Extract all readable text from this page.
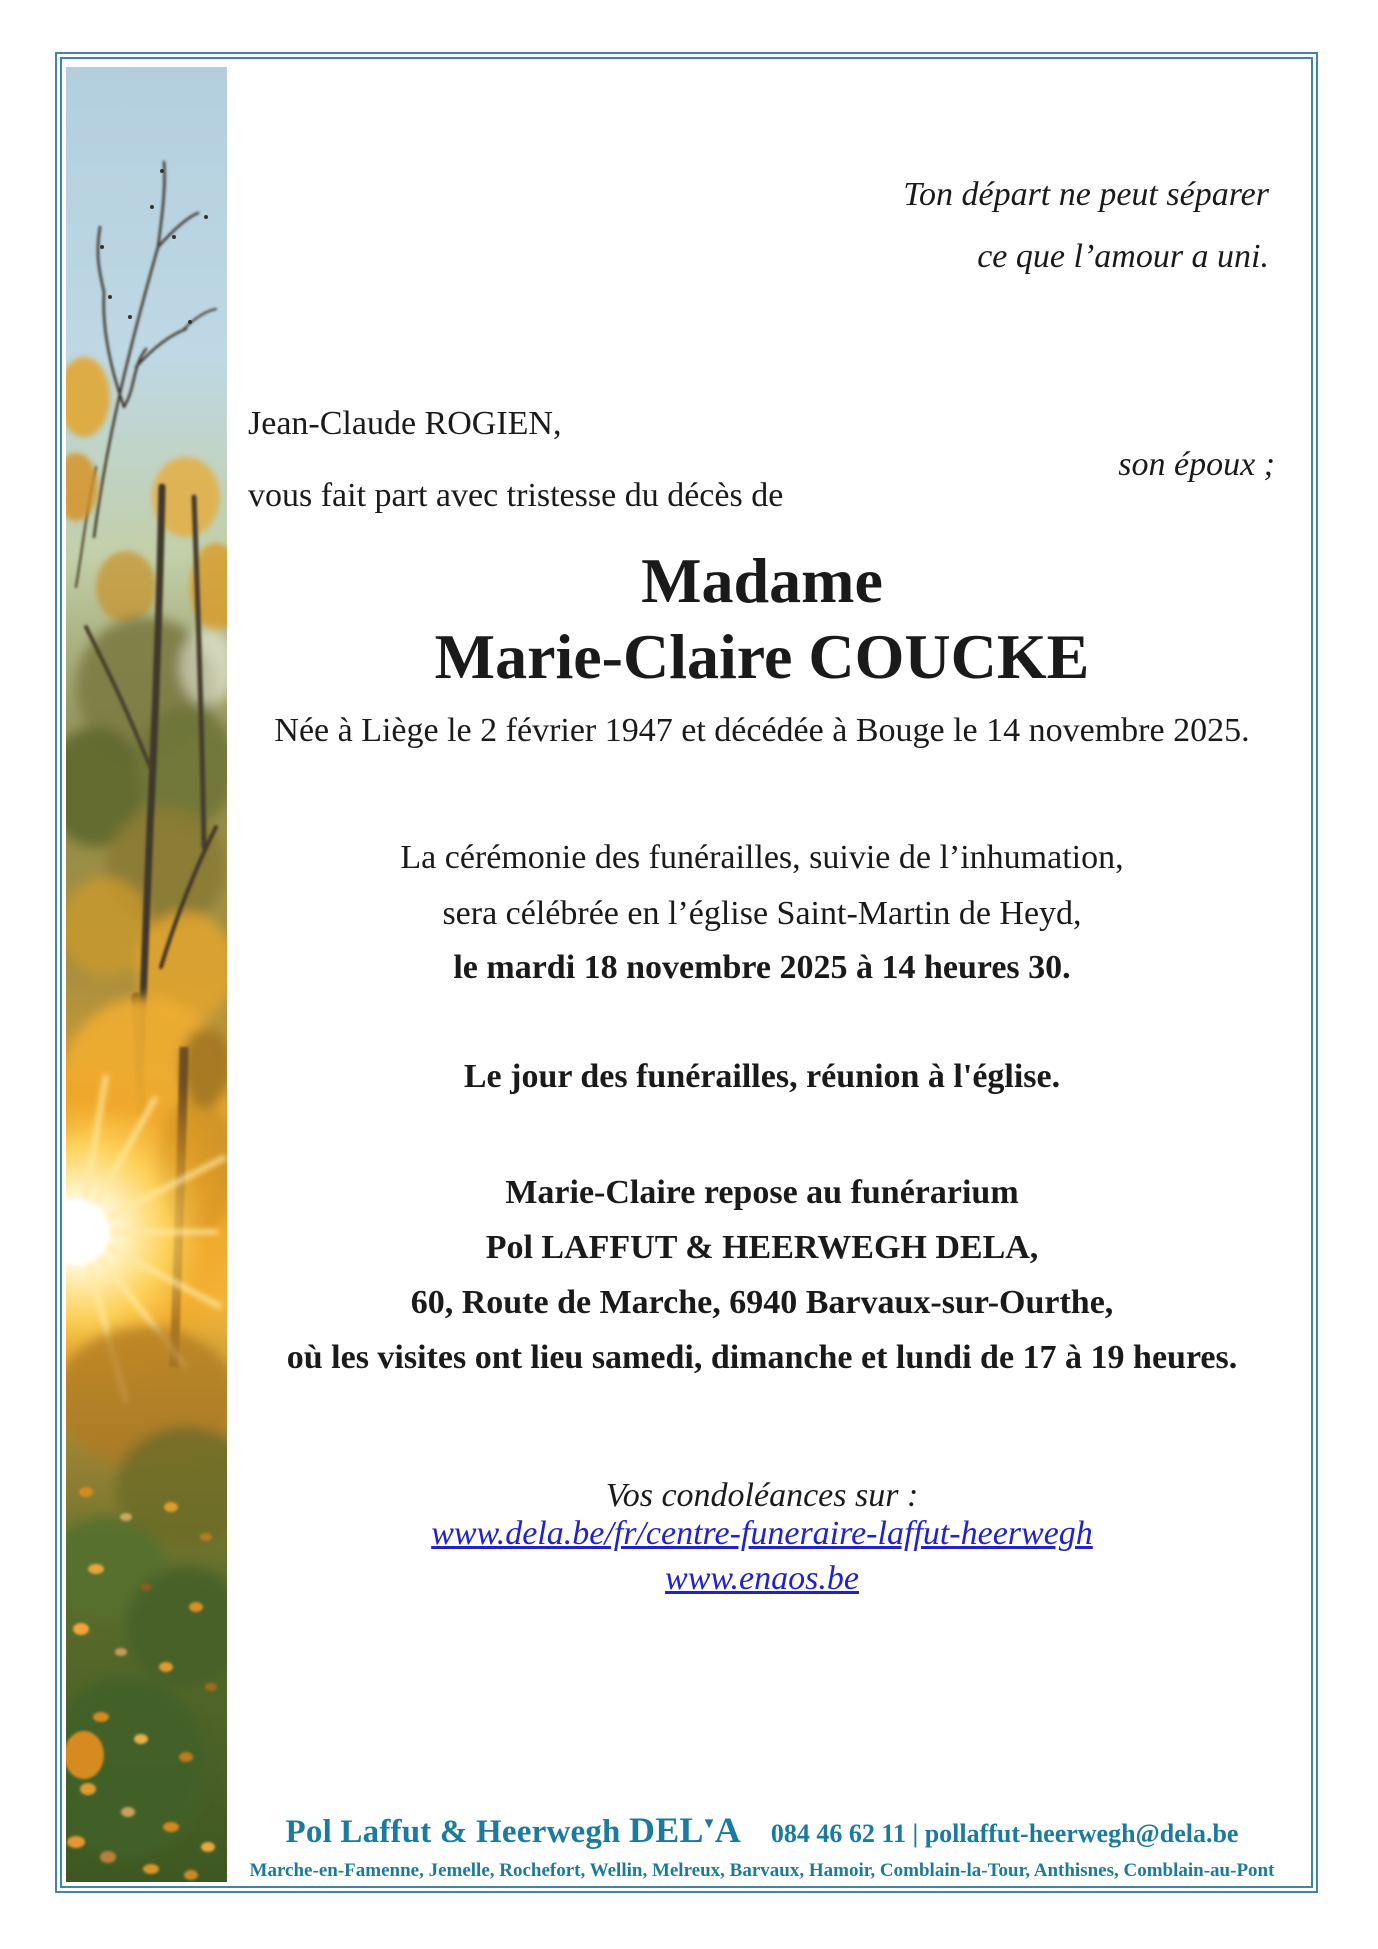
Ton départ ne peut séparer
ce que l’amour a uni.
Jean-Claude ROGIEN,
son époux ;
vous fait part avec tristesse du décès de
Madame
Marie-Claire COUCKE
Née à Liège le 2 février 1947 et décédée à Bouge le 14 novembre 2025.
La cérémonie des funérailles, suivie de l’inhumation,
sera célébrée en l’église Saint-Martin de Heyd,
le mardi 18 novembre 2025 à 14 heures 30.
Le jour des funérailles, réunion à l'église.
Marie-Claire repose au funérarium
Pol LAFFUT & HEERWEGH DELA,
60, Route de Marche, 6940 Barvaux-sur-Ourthe,
où les visites ont lieu samedi, dimanche et lundi de 17 à 19 heures.
Vos condoléances sur :
www.dela.be/fr/centre-funeraire-laffut-heerwegh
www.enaos.be
Pol Laffut & Heerwegh DEL▼A 084 46 62 11 | pollaffut-heerwegh@dela.be
Marche-en-Famenne, Jemelle, Rochefort, Wellin, Melreux, Barvaux, Hamoir, Comblain-la-Tour, Anthisnes, Comblain-au-Pont
